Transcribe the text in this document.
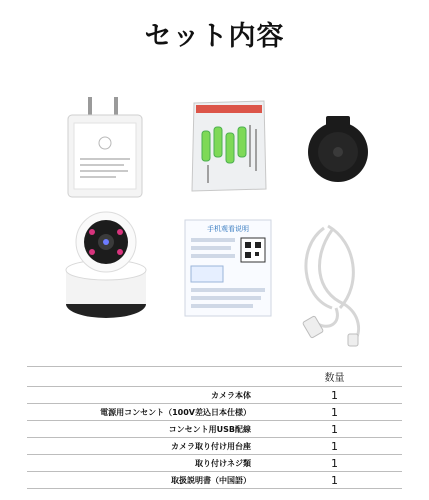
セット内容
手机观看说明
	数量
カメラ本体	1
電源用コンセント（100V差込日本仕様）	1
コンセント用USB配線	1
カメラ取り付け用台座	1
取り付けネジ類	1
取扱説明書（中国語）	1
